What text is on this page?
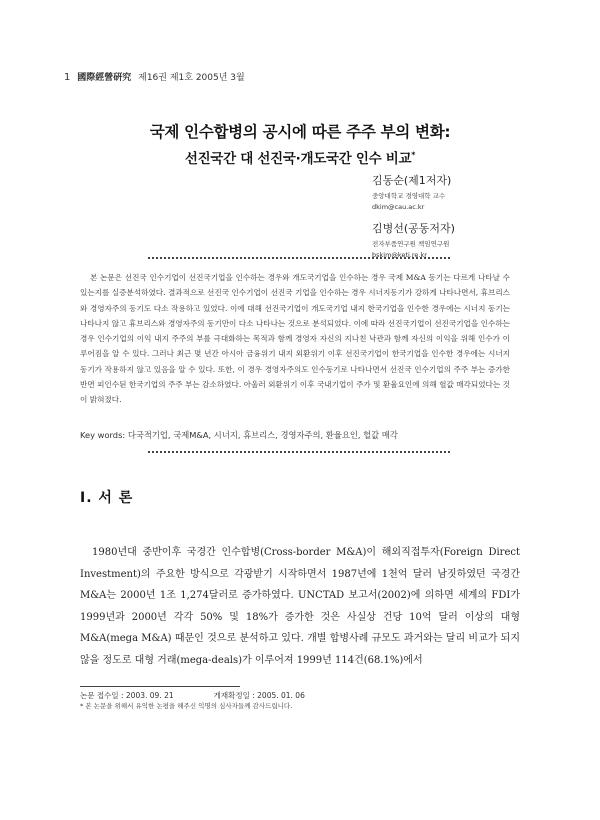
1 國際經營硏究 제16권 제1호 2005년 3월
국제 인수합병의 공시에 따른 주주 부의 변화:
선진국간 대 선진국·개도국간 인수 비교*
김동순(제1저자)
중앙대학교 경영대학 교수
dkim@cau.ac.kr
김병선(공동저자)
전자부품연구원 책임연구원
bskim@keti.re.kr

본 논문은 선진국 인수기업이 선진국기업을 인수하는 경우와 개도국기업을 인수하는 경우 국제 M&A 동기는 다르게 나타날 수 있는지를 실증분석하였다. 결과적으로 선진국 인수기업이 선진국 기업을 인수하는 경우 시너지동기가 강하게 나타나면서, 휴브리스와 경영자주의 동기도 다소 작용하고 있었다. 이에 대해 선진국기업이 개도국기업 내지 한국기업을 인수한 경우에는 시너지 동기는 나타나지 않고 휴브리스와 경영자주의 동기만이 다소 나타나는 것으로 분석되었다. 이에 따라 선진국기업이 선진국기업을 인수하는 경우 인수기업의 이익 내지 주주의 부를 극대화하는 목적과 함께 경영자 자신의 지나친 낙관과 함께 자신의 이익을 위해 인수가 이루어짐을 알 수 있다. 그러나 최근 몇 년간 아시아 금융위기 내지 외환위기 이후 선진국기업이 한국기업을 인수한 경우에는 시너지동기가 작용하지 않고 있음을 알 수 있다. 또한, 이 경우 경영자주의도 인수동기로 나타나면서 선진국 인수기업의 주주 부는 증가한 반면 피인수된 한국기업의 주주 부는 감소하였다. 아울러 외환위기 이후 국내기업이 주가 및 환율요인에 의해 헐값 매각되었다는 것이 밝혀졌다.

Key words: 다국적기업, 국제M&A, 시너지, 휴브리스, 경영자주의, 환율요인, 헐값 매각
Ⅰ. 서 론

1980년대 중반이후 국경간 인수합병(Cross-border M&A)이 해외직접투자(Foreign Direct Investment)의 주요한 방식으로 각광받기 시작하면서 1987년에 1천억 달러 남짓하였던 국경간 M&A는 2000년 1조 1,274달러로 증가하였다. UNCTAD 보고서(2002)에 의하면 세계의 FDI가 1999년과 2000년 각각 50% 및 18%가 증가한 것은 사실상 건당 10억 달러 이상의 대형 M&A(mega M&A) 때문인 것으로 분석하고 있다. 개별 합병사례 규모도 과거와는 달리 비교가 되지 않을 정도로 대형 거래(mega-deals)가 이루어져 1999년 114건(68.1%)에서

논문 접수일 : 2003. 09. 21	게재확정일 : 2005. 01. 06
* 본 논문을 위해서 유익한 논평을 해주신 익명의 심사자들께 감사드립니다.
